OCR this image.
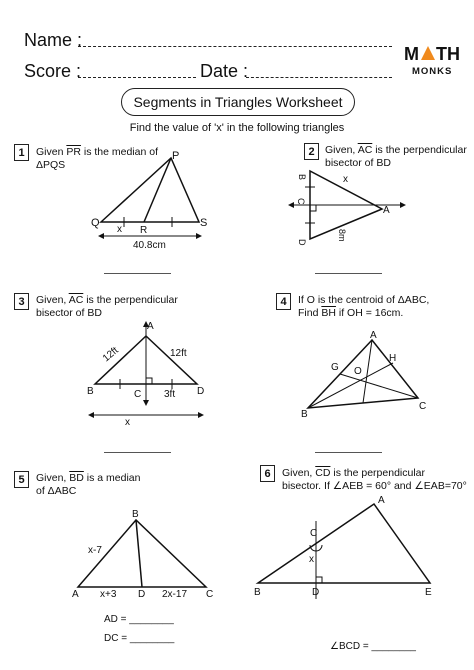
Name :
Score :	Date :
M TH
MONKS
Segments in Triangles Worksheet
Find the value of 'x' in the following triangles
1	Given $\overline{PR}$ is the median of
ΔPQS
P
Q
R
S
x
40.8cm
2 Given, $\overline{AC}$ is the perpendicular
bisector of BD
B
C
D
A
x
8m
3	Given, $\overline{AC}$ is the perpendicular
bisector of BD
A
B	C	D
12ft	12ft
3ft
x
4	If O is the centroid of ΔABC,
Find $\overline{BH}$ if OH = 16cm.
A
B
C
G
H
O
5	Given, $\overline{BD}$ is a median
of ΔABC
B
A	D	C
x-7
x+3	2x-17
AD = ________
DC = ________
6	Given, $\overline{CD}$ is the perpendicular
bisector. If ∠AEB = 60° and ∠EAB=70°
A
B
C
D	E
x
∠BCD = ________
